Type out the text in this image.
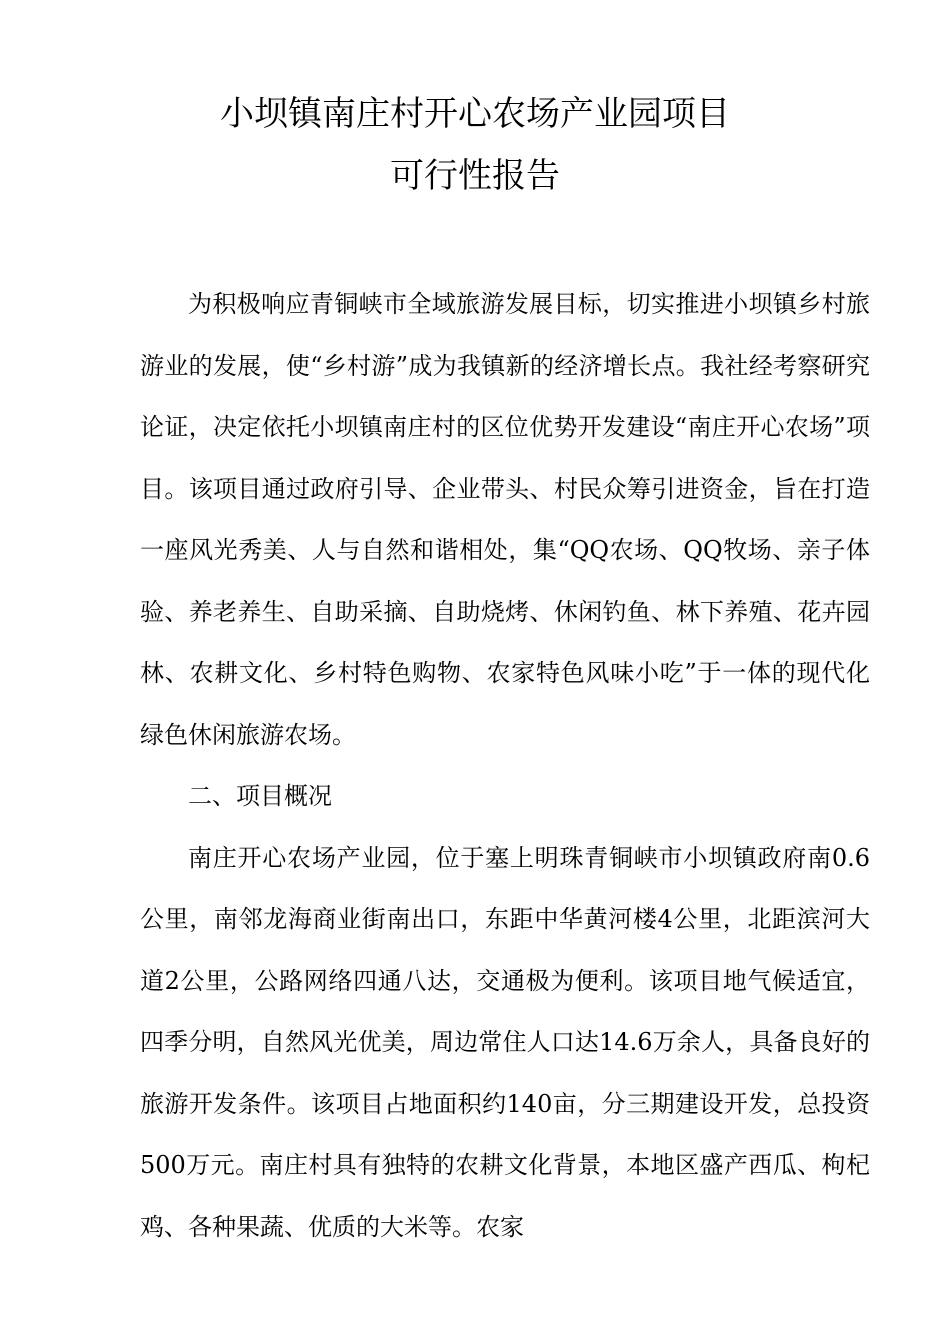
小坝镇南庄村开心农场产业园项目
可行性报告

为积极响应青铜峡市全域旅游发展目标，切实推进小坝镇乡村旅游业的发展，使“乡村游”成为我镇新的经济增长点。我社经考察研究论证，决定依托小坝镇南庄村的区位优势开发建设“南庄开心农场”项目。该项目通过政府引导、企业带头、村民众筹引进资金，旨在打造一座风光秀美、人与自然和谐相处，集“QQ农场、QQ牧场、亲子体验、养老养生、自助采摘、自助烧烤、休闲钓鱼、林下养殖、花卉园林、农耕文化、乡村特色购物、农家特色风味小吃”于一体的现代化绿色休闲旅游农场。

二、项目概况

南庄开心农场产业园，位于塞上明珠青铜峡市小坝镇政府南0.6公里，南邻龙海商业街南出口，东距中华黄河楼4公里，北距滨河大道2公里，公路网络四通八达，交通极为便利。该项目地气候适宜，四季分明，自然风光优美，周边常住人口达14.6万余人，具备良好的旅游开发条件。该项目占地面积约140亩，分三期建设开发，总投资500万元。南庄村具有独特的农耕文化背景，本地区盛产西瓜、枸杞鸡、各种果蔬、优质的大米等。农家
